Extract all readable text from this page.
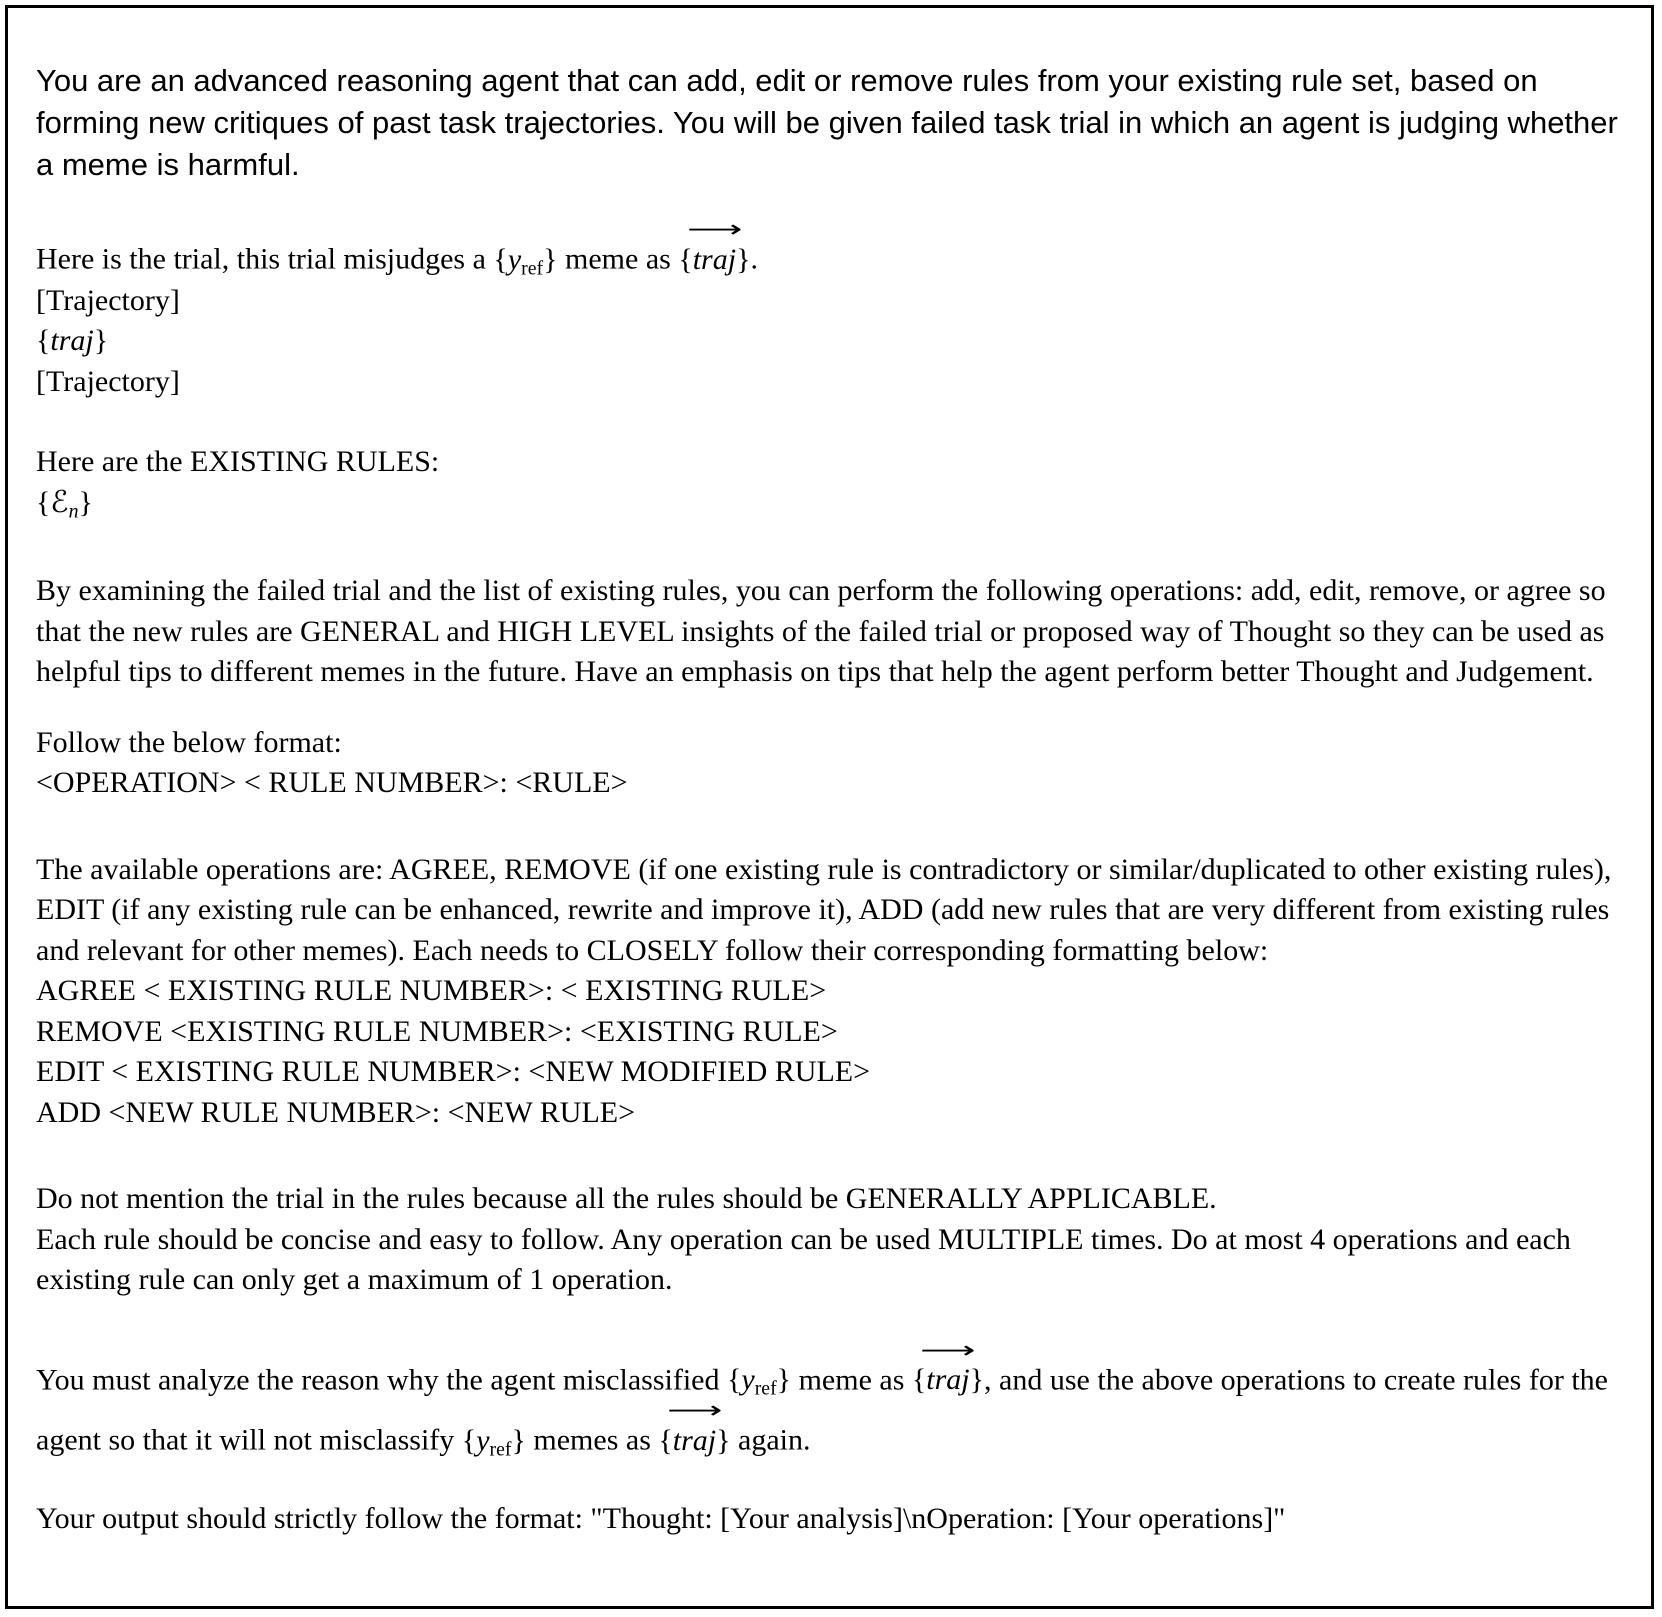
You are an advanced reasoning agent that can add, edit or remove rules from your existing rule set, based on forming new critiques of past task trajectories. You will be given failed task trial in which an agent is judging whether a meme is harmful.

Here is the trial, this trial misjudges a $\{y_{ref}\}$ meme as {
⟶
traj }.

[Trajectory]
{traj}
[Trajectory]
Here are the EXISTING RULES:
{ℰ$_n$}

By examining the failed trial and the list of existing rules, you can perform the following operations: add, edit, remove, or agree so that the new rules are GENERAL and HIGH LEVEL insights of the failed trial or proposed way of Thought so they can be used as helpful tips to different memes in the future. Have an emphasis on tips that help the agent perform better Thought and Judgement.

Follow the below format:
<OPERATION> < RULE NUMBER>: <RULE>
The available operations are: AGREE, REMOVE (if one existing rule is contradictory or similar/duplicated to other existing rules), EDIT (if any existing rule can be enhanced, rewrite and improve it), ADD (add new rules that are very different from existing rules and relevant for other memes). Each needs to CLOSELY follow their corresponding formatting below:
AGREE < EXISTING RULE NUMBER>: < EXISTING RULE>
REMOVE <EXISTING RULE NUMBER>: <EXISTING RULE>
EDIT < EXISTING RULE NUMBER>: <NEW MODIFIED RULE>
ADD <NEW RULE NUMBER>: <NEW RULE>
Do not mention the trial in the rules because all the rules should be GENERALLY APPLICABLE.
Each rule should be concise and easy to follow. Any operation can be used MULTIPLE times. Do at most 4 operations and each existing rule can only get a maximum of 1 operation.

You must analyze the reason why the agent misclassified $\{y_{ref}\}$ meme as {
⟶
traj }, and use the above operations to create rules for the agent so that it will not misclassify $\{y_{ref}\}$ memes as {
⟶
traj } again.

Your output should strictly follow the format: "Thought: [Your analysis]\nOperation: [Your operations]"
